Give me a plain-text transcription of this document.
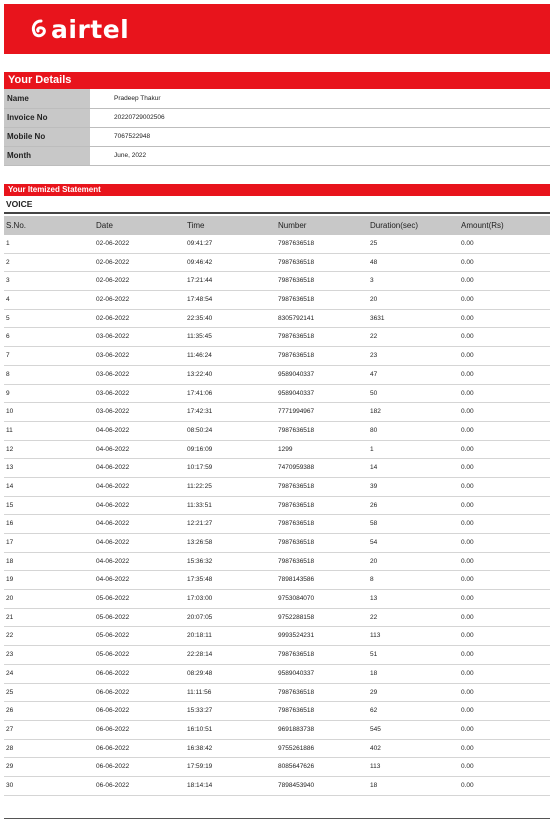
airtel
Your Details
Name	Pradeep Thakur
Invoice No	20220729002506
Mobile No	7067522948
Month	June, 2022
Your Itemized Statement
VOICE
S.No.	Date	Time	Number	Duration(sec)	Amount(Rs)
1	02-06-2022	09:41:27	7987636518	25	0.00
2	02-06-2022	09:46:42	7987636518	48	0.00
3	02-06-2022	17:21:44	7987636518	3	0.00
4	02-06-2022	17:48:54	7987636518	20	0.00
5	02-06-2022	22:35:40	8305792141	3631	0.00
6	03-06-2022	11:35:45	7987636518	22	0.00
7	03-06-2022	11:46:24	7987636518	23	0.00
8	03-06-2022	13:22:40	9589040337	47	0.00
9	03-06-2022	17:41:06	9589040337	50	0.00
10	03-06-2022	17:42:31	7771994967	182	0.00
11	04-06-2022	08:50:24	7987636518	80	0.00
12	04-06-2022	09:16:09	1299	1	0.00
13	04-06-2022	10:17:59	7470959388	14	0.00
14	04-06-2022	11:22:25	7987636518	39	0.00
15	04-06-2022	11:33:51	7987636518	26	0.00
16	04-06-2022	12:21:27	7987636518	58	0.00
17	04-06-2022	13:26:58	7987636518	54	0.00
18	04-06-2022	15:36:32	7987636518	20	0.00
19	04-06-2022	17:35:48	7898143586	8	0.00
20	05-06-2022	17:03:00	9753084070	13	0.00
21	05-06-2022	20:07:05	9752288158	22	0.00
22	05-06-2022	20:18:11	9993524231	113	0.00
23	05-06-2022	22:28:14	7987636518	51	0.00
24	06-06-2022	08:29:48	9589040337	18	0.00
25	06-06-2022	11:11:56	7987636518	29	0.00
26	06-06-2022	15:33:27	7987636518	62	0.00
27	06-06-2022	16:10:51	9691883738	545	0.00
28	06-06-2022	16:38:42	9755261886	402	0.00
29	06-06-2022	17:59:19	8085647626	113	0.00
30	06-06-2022	18:14:14	7898453940	18	0.00
